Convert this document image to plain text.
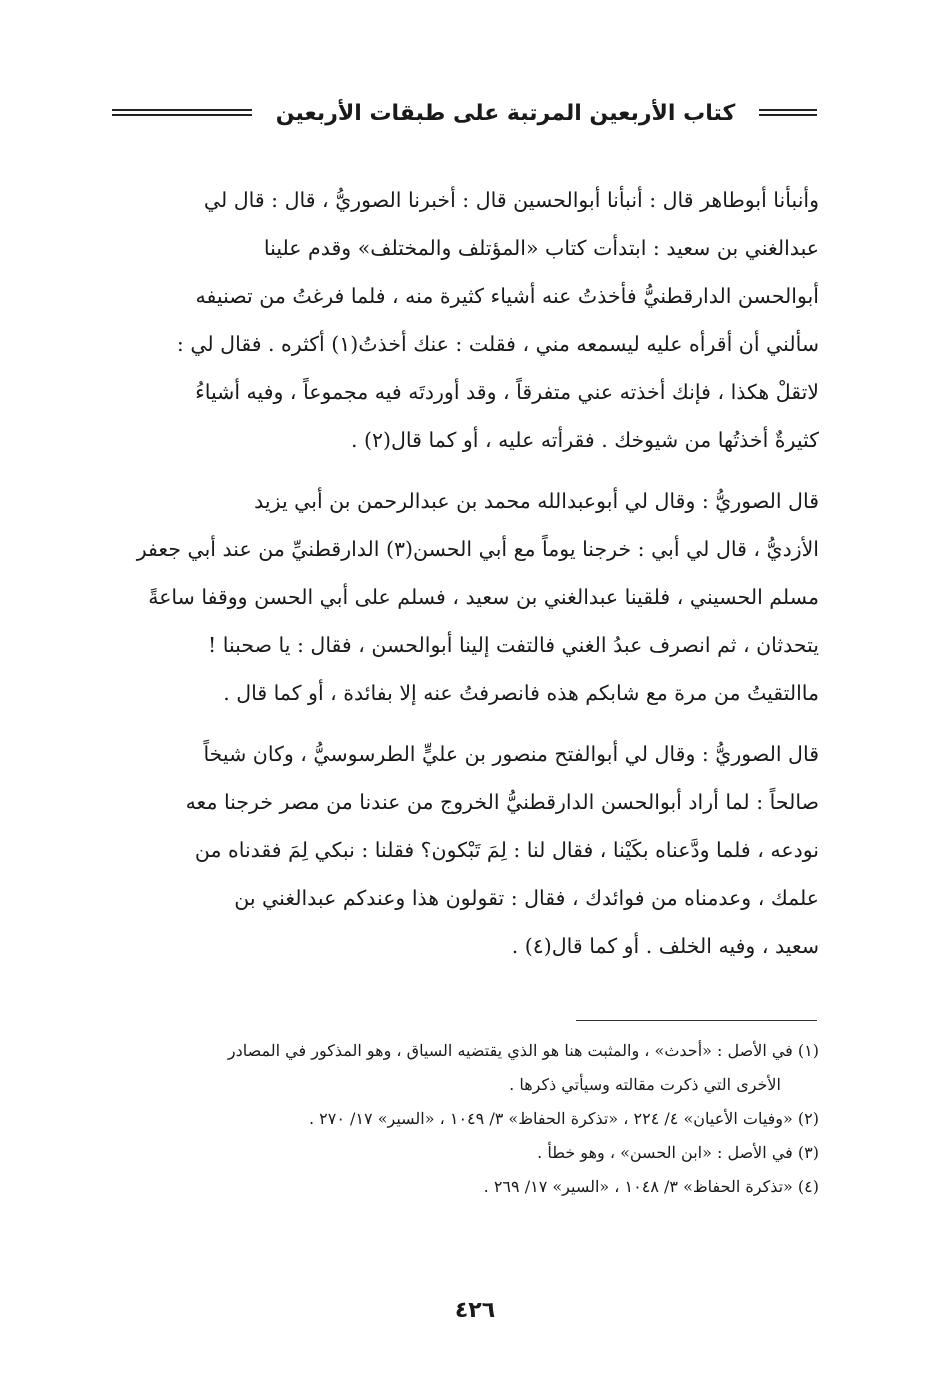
كتاب الأربعين المرتبة على طبقات الأربعين

وأنبأنا أبوطاهر قال : أنبأنا أبوالحسين قال : أخبرنا الصوريُّ ، قال : قال لي
عبدالغني بن سعيد : ابتدأت كتاب «المؤتلف والمختلف» وقدم علينا
أبوالحسن الدارقطنيُّ فأخذتُ عنه أشياء كثيرة منه ، فلما فرغتُ من تصنيفه
سألني أن أقرأه عليه ليسمعه مني ، فقلت : عنك أخذتُ(١) أكثره . فقال لي :
لاتقلْ هكذا ، فإنك أخذته عني متفرقاً ، وقد أوردتَه فيه مجموعاً ، وفيه أشياءُ
كثيرةٌ أخذتُها من شيوخك . فقرأته عليه ، أو كما قال(٢) .

قال الصوريُّ : وقال لي أبوعبدالله محمد بن عبدالرحمن بن أبي يزيد
الأزديُّ ، قال لي أبي : خرجنا يوماً مع أبي الحسن(٣) الدارقطنيِّ من عند أبي جعفر
مسلم الحسيني ، فلقينا عبدالغني بن سعيد ، فسلم على أبي الحسن ووقفا ساعةً
يتحدثان ، ثم انصرف عبدُ الغني فالتفت إلينا أبوالحسن ، فقال : يا صحبنا !
ماالتقيتُ من مرة مع شابكم هذه فانصرفتُ عنه إلا بفائدة ، أو كما قال .

قال الصوريُّ : وقال لي أبوالفتح منصور بن عليٍّ الطرسوسيُّ ، وكان شيخاً
صالحاً : لما أراد أبوالحسن الدارقطنيُّ الخروج من عندنا من مصر خرجنا معه
نودعه ، فلما ودَّعناه بكَيْنا ، فقال لنا : لِمَ تَبْكون؟ فقلنا : نبكي لِمَ فقدناه من
علمك ، وعدمناه من فوائدك ، فقال : تقولون هذا وعندكم عبدالغني بن
سعيد ، وفيه الخلف . أو كما قال(٤) .

(١) في الأصل : «أحدث» ، والمثبت هنا هو الذي يقتضيه السياق ، وهو المذكور في المصادر
الأخرى التي ذكرت مقالته وسيأتي ذكرها .
(٢) «وفيات الأعيان» ٤/ ٢٢٤ ، «تذكرة الحفاظ» ٣/ ١٠٤٩ ، «السير» ١٧/ ٢٧٠ .
(٣) في الأصل : «ابن الحسن» ، وهو خطأ .
(٤) «تذكرة الحفاظ» ٣/ ١٠٤٨ ، «السير» ١٧/ ٢٦٩ .
٤٢٦
